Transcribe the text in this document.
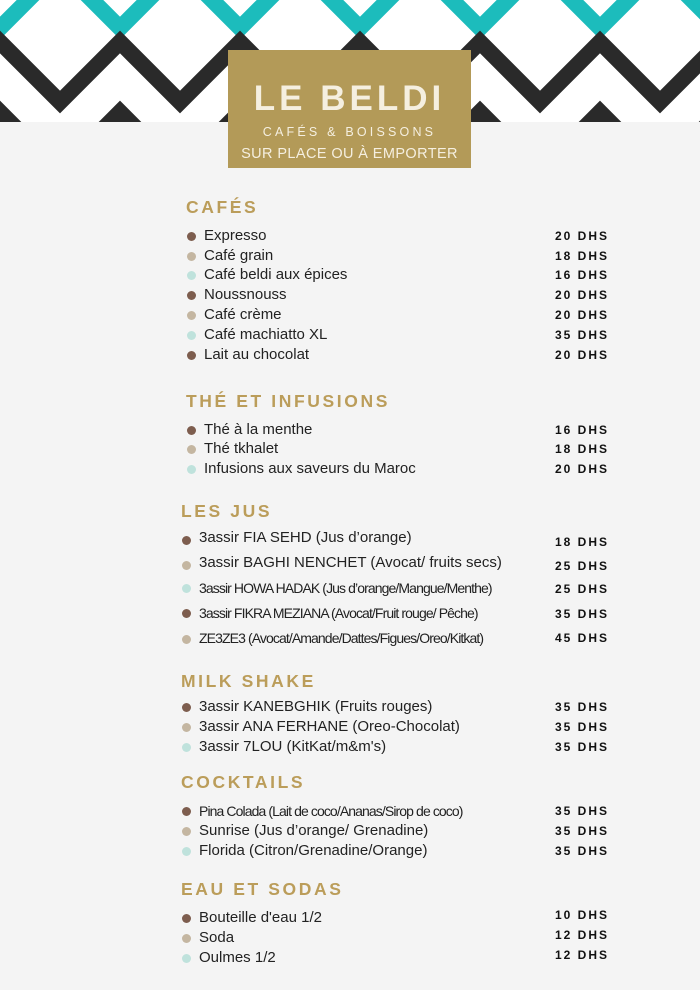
LE BELDI
CAFÉS & BOISSONS
SUR PLACE OU À EMPORTER
CAFÉS
Expresso	20 DHS
Café grain	18 DHS
Café beldi aux épices	16 DHS
Noussnouss	20 DHS
Café crème	20 DHS
Café machiatto XL	35 DHS
Lait au chocolat	20 DHS
THÉ ET INFUSIONS
Thé à la menthe	16 DHS
Thé tkhalet	18 DHS
Infusions aux saveurs du Maroc	20 DHS
LES JUS
3assir FIA SEHD (Jus d’orange)	18 DHS
3assir BAGHI NENCHET (Avocat/ fruits secs)	25 DHS
3assir HOWA HADAK (Jus d’orange/Mangue/Menthe)	25 DHS
3assir FIKRA MEZIANA (Avocat/Fruit rouge/ Pêche)	35 DHS
ZE3ZE3 (Avocat/Amande/Dattes/Figues/Oreo/Kitkat)	45 DHS
MILK SHAKE
3assir KANEBGHIK (Fruits rouges)	35 DHS
3assir ANA FERHANE (Oreo-Chocolat)	35 DHS
3assir 7LOU (KitKat/m&m's)	35 DHS
COCKTAILS
Pina Colada (Lait de coco/Ananas/Sirop de coco)	35 DHS
Sunrise (Jus d’orange/ Grenadine)	35 DHS
Florida (Citron/Grenadine/Orange)	35 DHS
EAU ET SODAS
Bouteille d'eau 1/2	10 DHS
Soda	12 DHS
Oulmes 1/2	12 DHS
